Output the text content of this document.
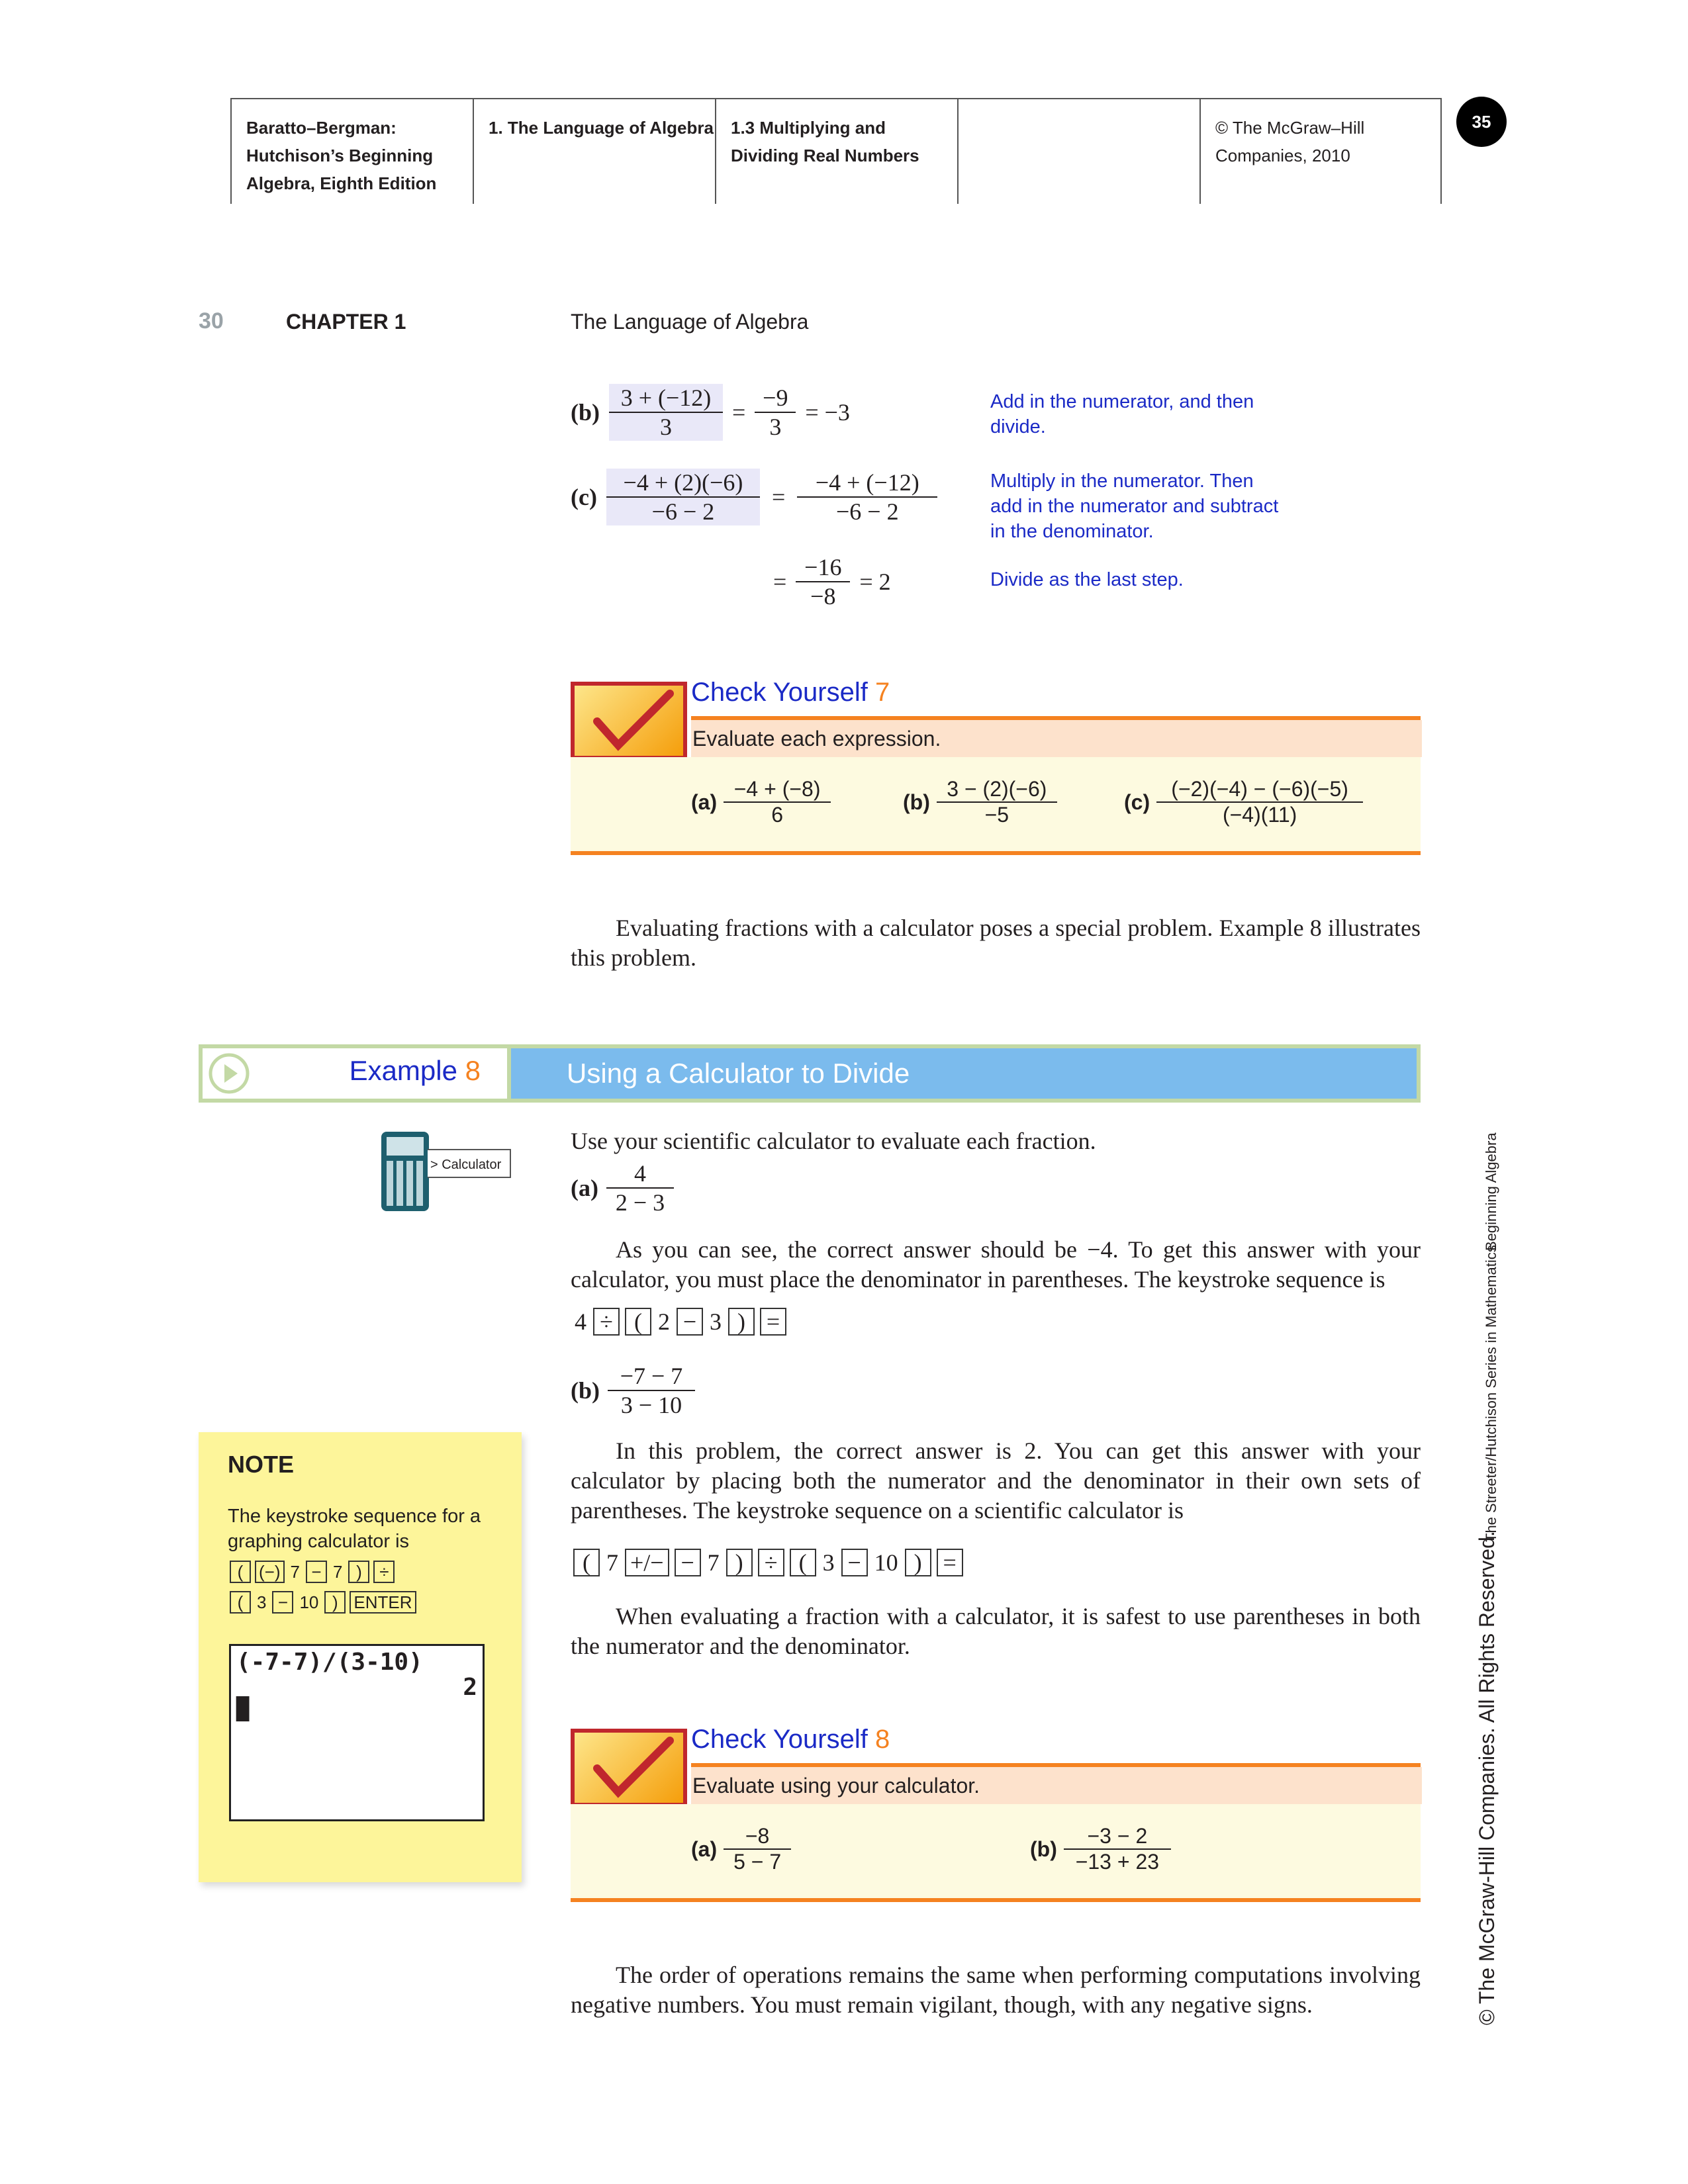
Baratto–Bergman:
Hutchison’s Beginning
Algebra, Eighth Edition
1. The Language of Algebra 1.3 Multiplying and
Dividing Real Numbers
© The McGraw–Hill
Companies, 2010
35
30	CHAPTER 1	The Language of Algebra
$(b) \frac{3 + (-12)}{3} = \frac{-9}{3} = -3$	Add in the numerator, and then divide.
$(c) \frac{-4 + (2)(-6)}{-6 - 2} = \frac{-4 + (-12)}{-6 - 2}$	Multiply in the numerator. Then add in the numerator and subtract in the denominator.
= $\frac{-16}{-8} = 2$	Divide as the last step.
Check Yourself 7
Evaluate each expression.
$(a) \frac{-4 + (-8)}{6}$	$(b) \frac{3 - (2)(-6)}{-5}$	$(c) \frac{(-2)(-4) - (-6)(-5)}{(-4)(11)}$
Evaluating fractions with a calculator poses a special problem. Example 8 illustrates this problem.
Example 8	Using a Calculator to Divide
> Calculator
Use your scientific calculator to evaluate each fraction.
$(a) \frac{4}{2 - 3}$
As you can see, the correct answer should be −4. To get this answer with your calculator, you must place the denominator in parentheses. The keystroke sequence is
4 ÷ ( 2 − 3 ) =
$(b) \frac{-7 - 7}{3 - 10}$
In this problem, the correct answer is 2. You can get this answer with your calculator by placing both the numerator and the denominator in their own sets of parentheses. The keystroke sequence on a scientific calculator is
( 7 +/− − 7 ) ÷ ( 3 − 10 ) =
When evaluating a fraction with a calculator, it is safest to use parentheses in both the numerator and the denominator.
NOTE
The keystroke sequence for a graphing calculator is
( (−) 7 − 7 )	÷
( 3 − 10 ) ENTER
(-7-7)/(3-10)
2
█
Check Yourself 8
Evaluate using your calculator.
$(a) \frac{-8}{5 - 7}$	$(b) \frac{-3 - 2}{-13 + 23}$
The order of operations remains the same when performing computations involving negative numbers. You must remain vigilant, though, with any negative signs.
Beginning Algebra
The Streeter/Hutchison Series in Mathematics
© The McGraw-Hill Companies. All Rights Reserved.
